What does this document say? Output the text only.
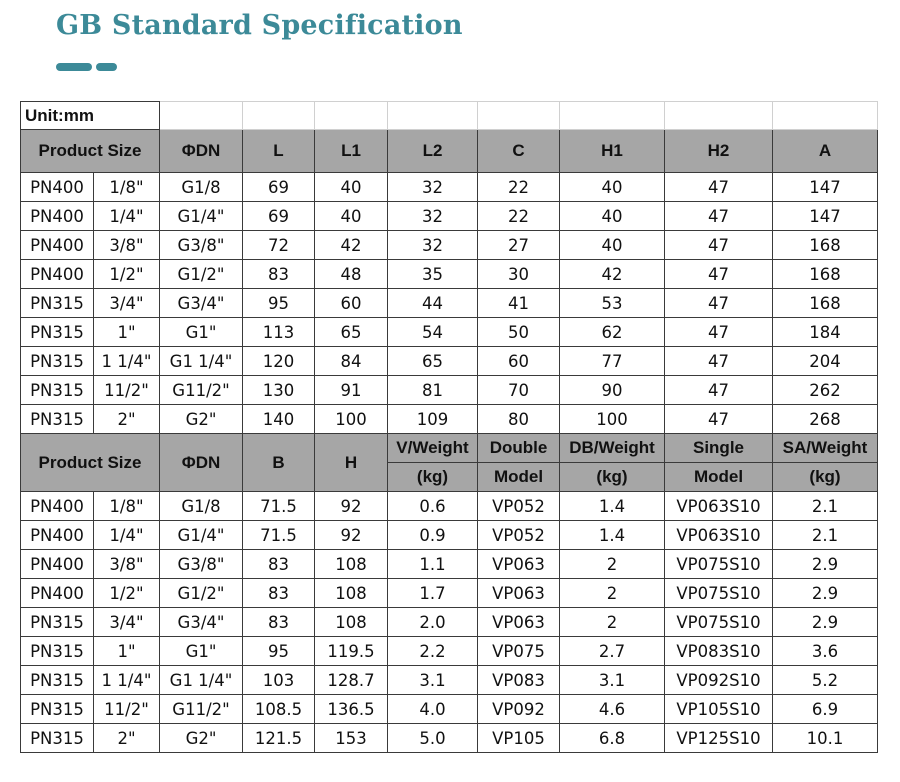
GB Standard Specification
Unit:mm									
Product Size		ΦDN	L	L1	L2	C	H1	H2	A
PN400	1/8"	G1/8	69	40	32	22	40	47	147
PN400	1/4"	G1/4"	69	40	32	22	40	47	147
PN400	3/8"	G3/8"	72	42	32	27	40	47	168
PN400	1/2"	G1/2"	83	48	35	30	42	47	168
PN315	3/4"	G3/4"	95	60	44	41	53	47	168
PN315	1"	G1"	113	65	54	50	62	47	184
PN315	1 1/4"	G1 1/4"	120	84	65	60	77	47	204
PN315	11/2"	G11/2"	130	91	81	70	90	47	262
PN315	2"	G2"	140	100	109	80	100	47	268
Product Size		ΦDN	B	H	V/Weight	Double	DB/Weight	Single	SA/Weight
					(kg)	Model	(kg)	Model	(kg)
PN400	1/8"	G1/8	71.5	92	0.6	VP052	1.4	VP063S10	2.1
PN400	1/4"	G1/4"	71.5	92	0.9	VP052	1.4	VP063S10	2.1
PN400	3/8"	G3/8"	83	108	1.1	VP063	2	VP075S10	2.9
PN400	1/2"	G1/2"	83	108	1.7	VP063	2	VP075S10	2.9
PN315	3/4"	G3/4"	83	108	2.0	VP063	2	VP075S10	2.9
PN315	1"	G1"	95	119.5	2.2	VP075	2.7	VP083S10	3.6
PN315	1 1/4"	G1 1/4"	103	128.7	3.1	VP083	3.1	VP092S10	5.2
PN315	11/2"	G11/2"	108.5	136.5	4.0	VP092	4.6	VP105S10	6.9
PN315	2"	G2"	121.5	153	5.0	VP105	6.8	VP125S10	10.1
